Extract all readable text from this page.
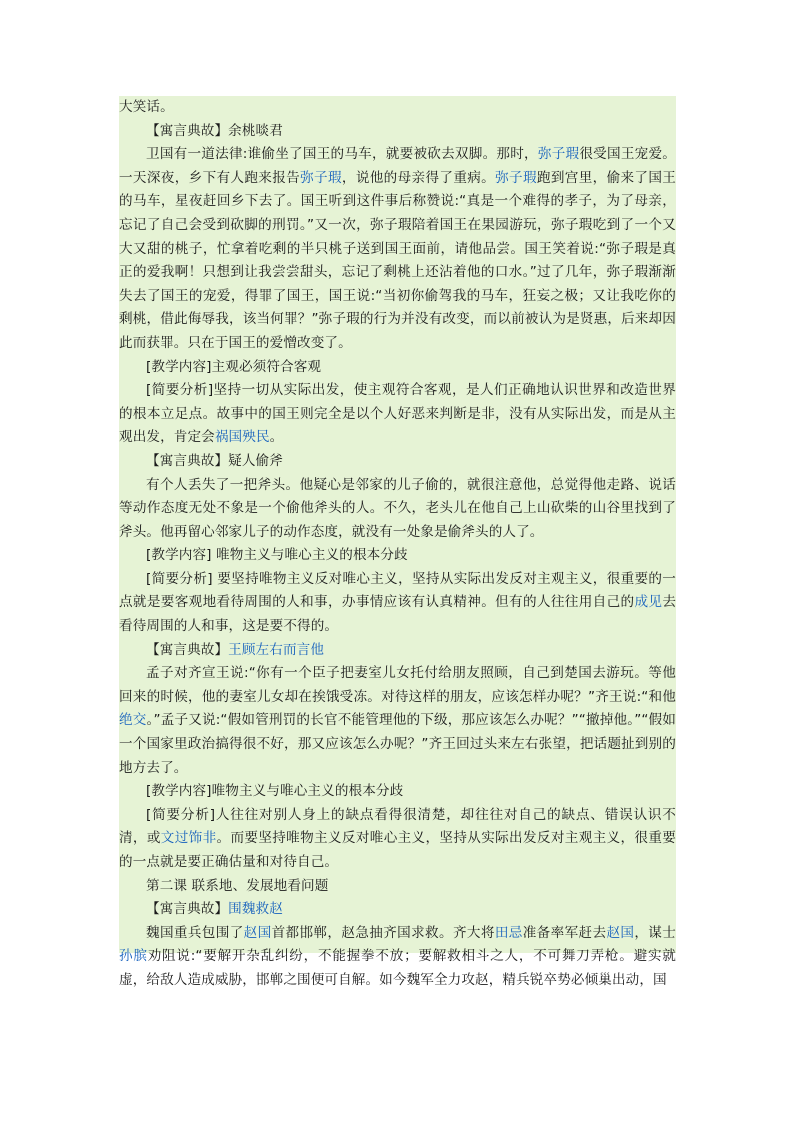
大笑话。
【寓言典故】余桃啖君
卫国有一道法律:谁偷坐了国王的马车，就要被砍去双脚。那时，弥子瑕很受国王宠爱。一天深夜，乡下有人跑来报告弥子瑕，说他的母亲得了重病。弥子瑕跑到宫里，偷来了国王的马车，星夜赶回乡下去了。国王听到这件事后称赞说:“真是一个难得的孝子，为了母亲，忘记了自己会受到砍脚的刑罚。”又一次，弥子瑕陪着国王在果园游玩，弥子瑕吃到了一个又大又甜的桃子，忙拿着吃剩的半只桃子送到国王面前，请他品尝。国王笑着说:“弥子瑕是真正的爱我啊！只想到让我尝尝甜头，忘记了剩桃上还沾着他的口水。”过了几年，弥子瑕渐渐失去了国王的宠爱，得罪了国王，国王说:“当初你偷驾我的马车，狂妄之极；又让我吃你的剩桃，借此侮辱我，该当何罪？”弥子瑕的行为并没有改变，而以前被认为是贤惠，后来却因此而获罪。只在于国王的爱憎改变了。
[教学内容]主观必须符合客观
[简要分析]坚持一切从实际出发，使主观符合客观，是人们正确地认识世界和改造世界的根本立足点。故事中的国王则完全是以个人好恶来判断是非，没有从实际出发，而是从主观出发，肯定会祸国殃民。
【寓言典故】疑人偷斧
有个人丢失了一把斧头。他疑心是邻家的儿子偷的，就很注意他，总觉得他走路、说话等动作态度无处不象是一个偷他斧头的人。不久，老头儿在他自己上山砍柴的山谷里找到了斧头。他再留心邻家儿子的动作态度，就没有一处象是偷斧头的人了。
[教学内容] 唯物主义与唯心主义的根本分歧
[简要分析] 要坚持唯物主义反对唯心主义，坚持从实际出发反对主观主义，很重要的一点就是要客观地看待周围的人和事，办事情应该有认真精神。但有的人往往用自己的成见去看待周围的人和事，这是要不得的。
【寓言典故】王顾左右而言他
孟子对齐宣王说:“你有一个臣子把妻室儿女托付给朋友照顾，自己到楚国去游玩。等他回来的时候，他的妻室儿女却在挨饿受冻。对待这样的朋友，应该怎样办呢？”齐王说:“和他绝交。”孟子又说:“假如管刑罚的长官不能管理他的下级，那应该怎么办呢？”“撤掉他。”“假如一个国家里政治搞得很不好，那又应该怎么办呢？”齐王回过头来左右张望，把话题扯到别的地方去了。
[教学内容]唯物主义与唯心主义的根本分歧
[简要分析]人往往对别人身上的缺点看得很清楚，却往往对自己的缺点、错误认识不清，或文过饰非。而要坚持唯物主义反对唯心主义，坚持从实际出发反对主观主义，很重要的一点就是要正确估量和对待自己。
第二课 联系地、发展地看问题
【寓言典故】围魏救赵
魏国重兵包围了赵国首都邯郸，赵急抽齐国求救。齐大将田忌准备率军赶去赵国，谋士孙膑劝阻说:“要解开杂乱纠纷，不能握拳不放；要解救相斗之人，不可舞刀弄枪。避实就虚，给敌人造成威胁，邯郸之围便可自解。如今魏军全力攻赵，精兵锐卒势必倾巢出动，国
